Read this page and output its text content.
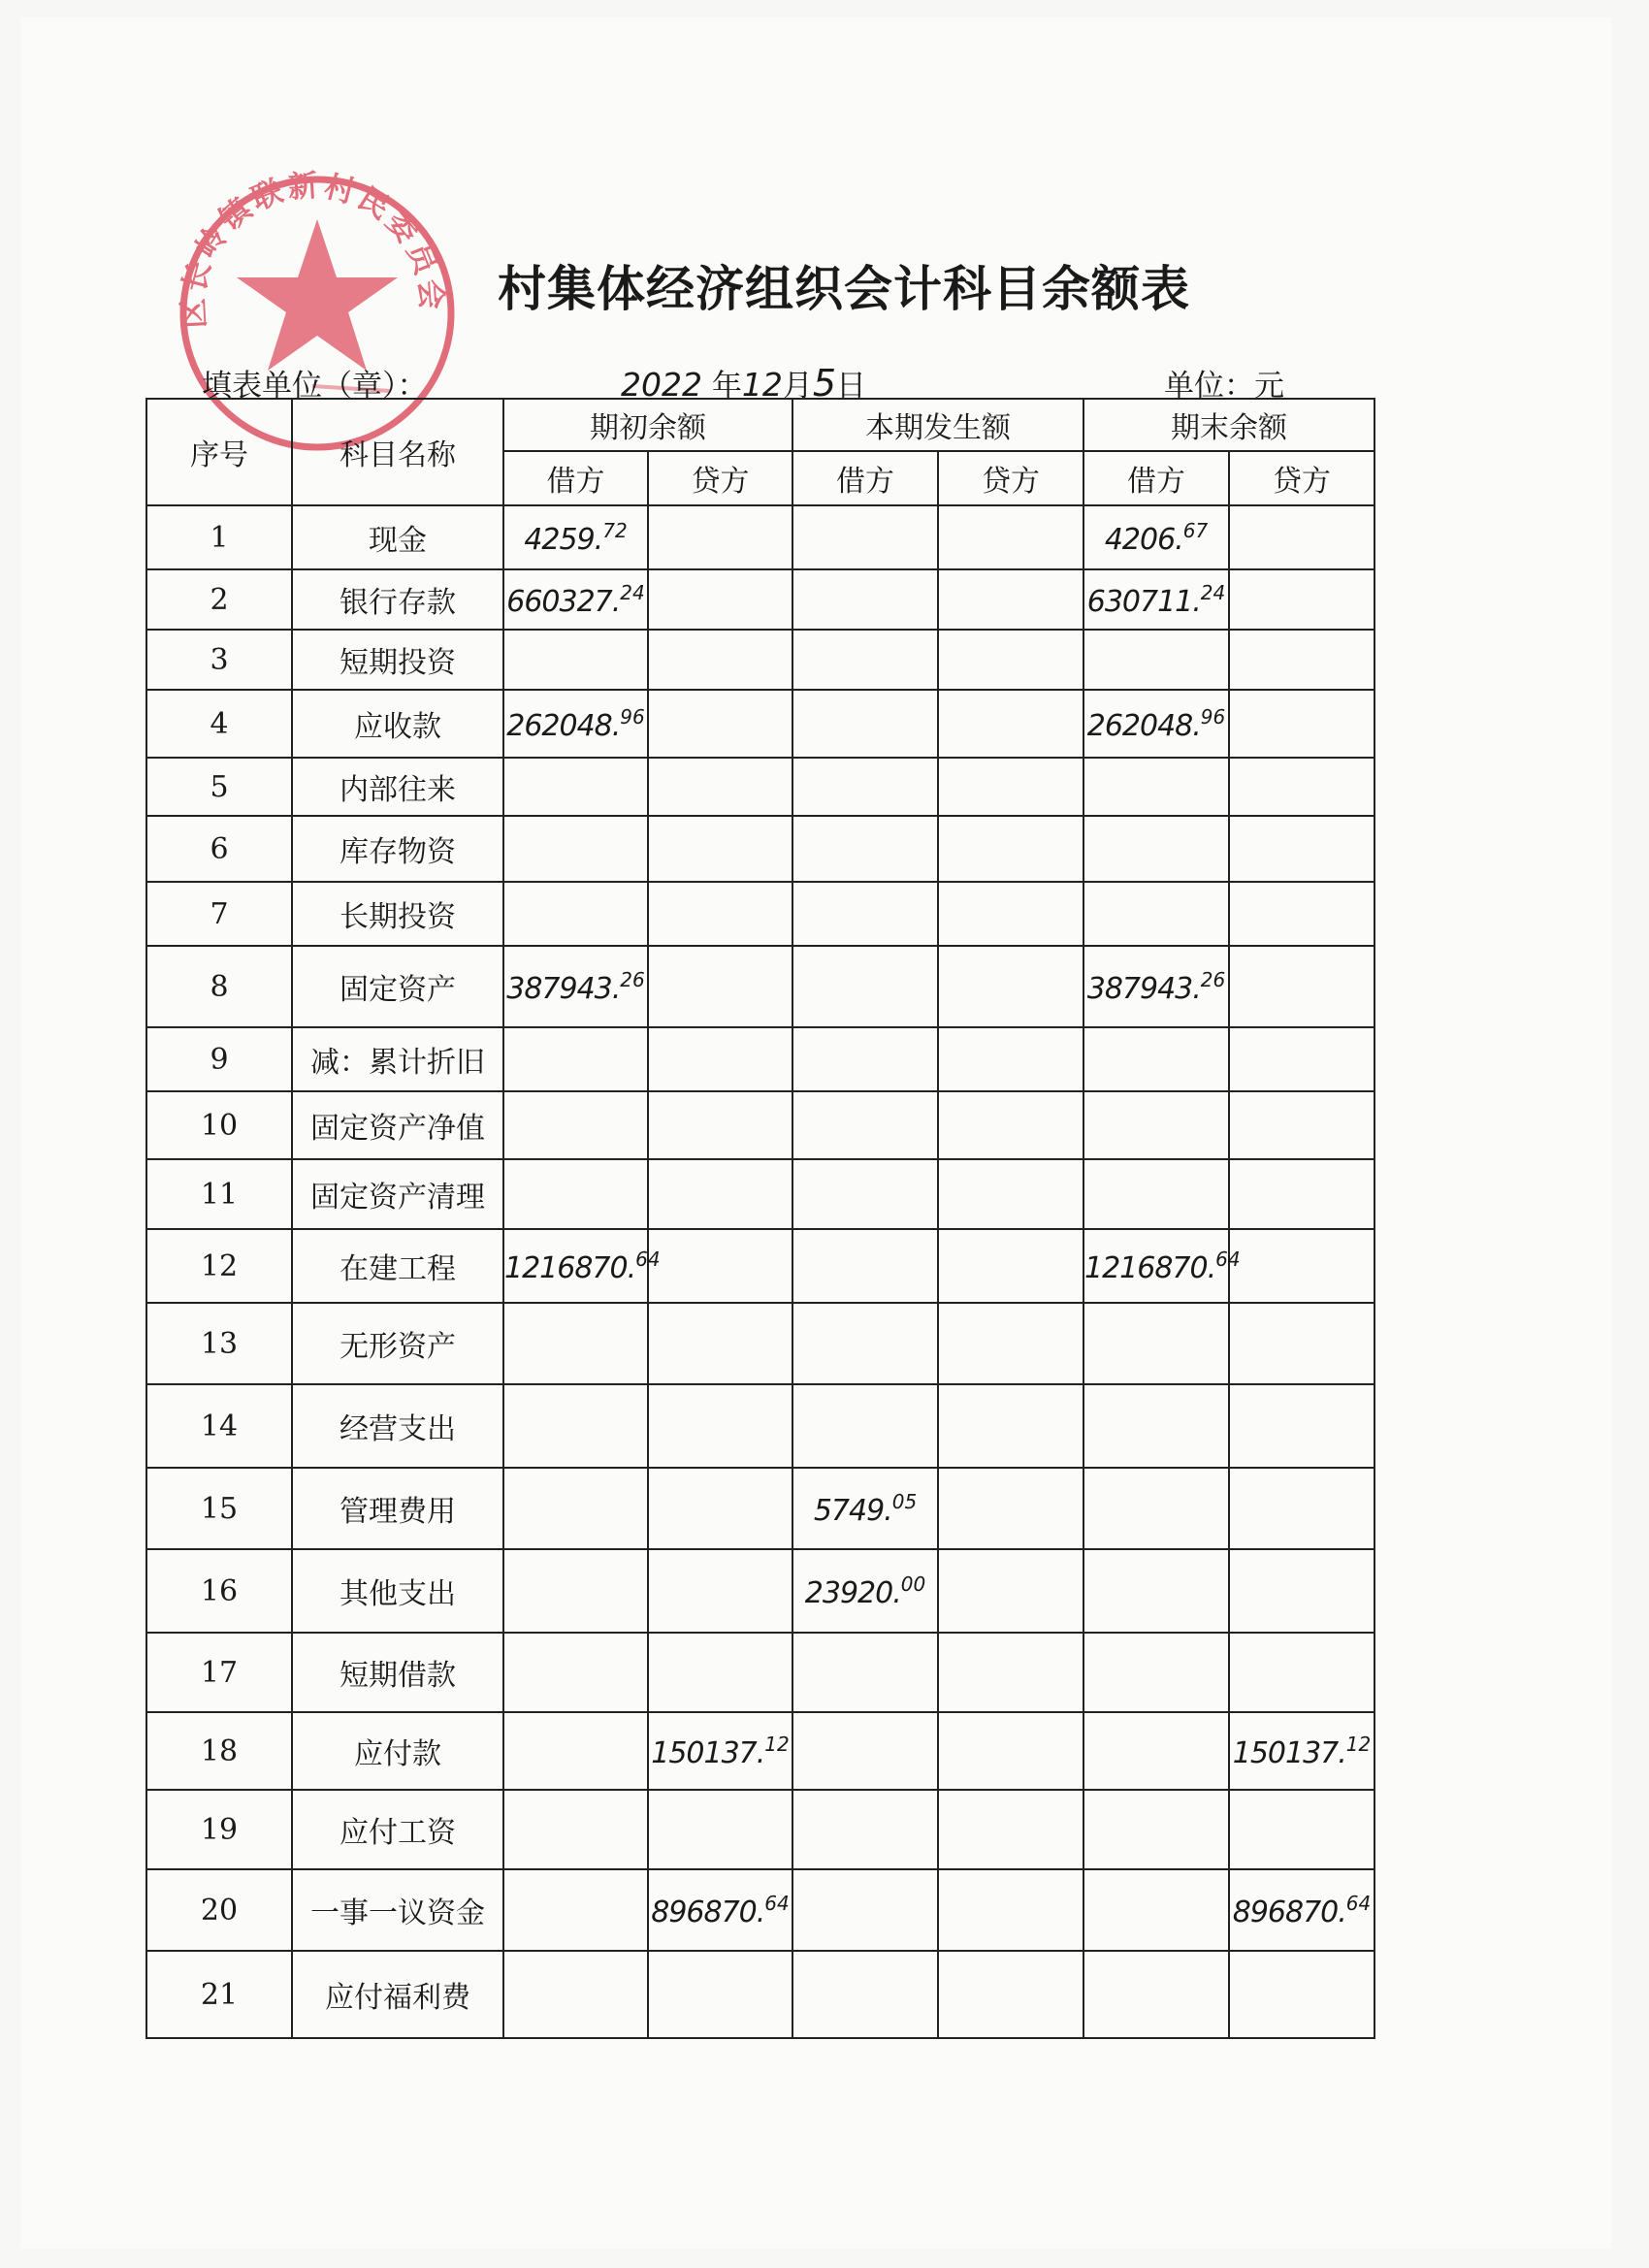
区长岭镇联新村民委员会	村集体经济组织会计科目余额表
填表单位（章）：	2022 年12月5日	单位：元
序号	科目名称	期初余额		本期发生额		期末余额	
		借方	贷方	借方	贷方	借方	贷方
1	现金	4259.72				4206.67	
2	银行存款	660327.24				630711.24	
3	短期投资						
4	应收款	262048.96				262048.96	
5	内部往来						
6	库存物资						
7	长期投资						
8	固定资产	387943.26				387943.26	
9	减：累计折旧						
10	固定资产净值						
11	固定资产清理						
12	在建工程	1216870.64				1216870.64	
13	无形资产						
14	经营支出						
15	管理费用			5749.05			
16	其他支出			23920.00			
17	短期借款						
18	应付款		150137.12				150137.12
19	应付工资						
20	一事一议资金		896870.64				896870.64
21	应付福利费						
